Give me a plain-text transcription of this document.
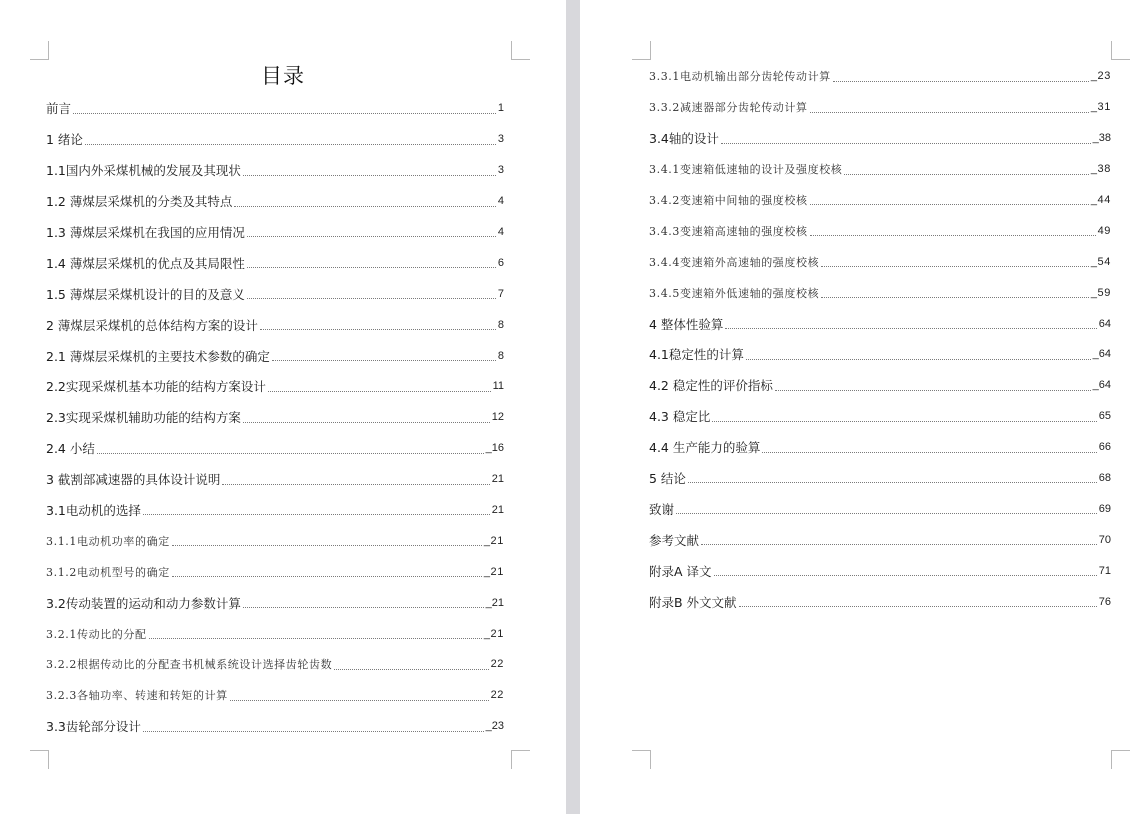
目录
前言	1
1 绪论	3
1.1国内外采煤机械的发展及其现状	3
1.2 薄煤层采煤机的分类及其特点	4
1.3 薄煤层采煤机在我国的应用情况	4
1.4 薄煤层采煤机的优点及其局限性	6
1.5 薄煤层采煤机设计的目的及意义	7
2 薄煤层采煤机的总体结构方案的设计	8
2.1 薄煤层采煤机的主要技术参数的确定	8
2.2实现采煤机基本功能的结构方案设计	11
2.3实现采煤机辅助功能的结构方案	12
2.4 小结	_16
3 截割部减速器的具体设计说明	21
3.1电动机的选择	21
3.1.1电动机功率的确定	_21
3.1.2电动机型号的确定	_21
3.2传动装置的运动和动力参数计算	_21
3.2.1传动比的分配	_21
3.2.2根据传动比的分配查书机械系统设计选择齿轮齿数	22
3.2.3各轴功率、转速和转矩的计算	22
3.3齿轮部分设计	_23
3.3.1电动机输出部分齿轮传动计算	_23
3.3.2减速器部分齿轮传动计算	_31
3.4轴的设计	_38
3.4.1变速箱低速轴的设计及强度校核	_38
3.4.2变速箱中间轴的强度校核	_44
3.4.3变速箱高速轴的强度校核	49
3.4.4变速箱外高速轴的强度校核	_54
3.4.5变速箱外低速轴的强度校核	_59
4 整体性验算	64
4.1稳定性的计算	_64
4.2 稳定性的评价指标	_64
4.3 稳定比	65
4.4 生产能力的验算	66
5 结论	68
致谢	69
参考文献	70
附录A 译文	71
附录B 外文文献	76
